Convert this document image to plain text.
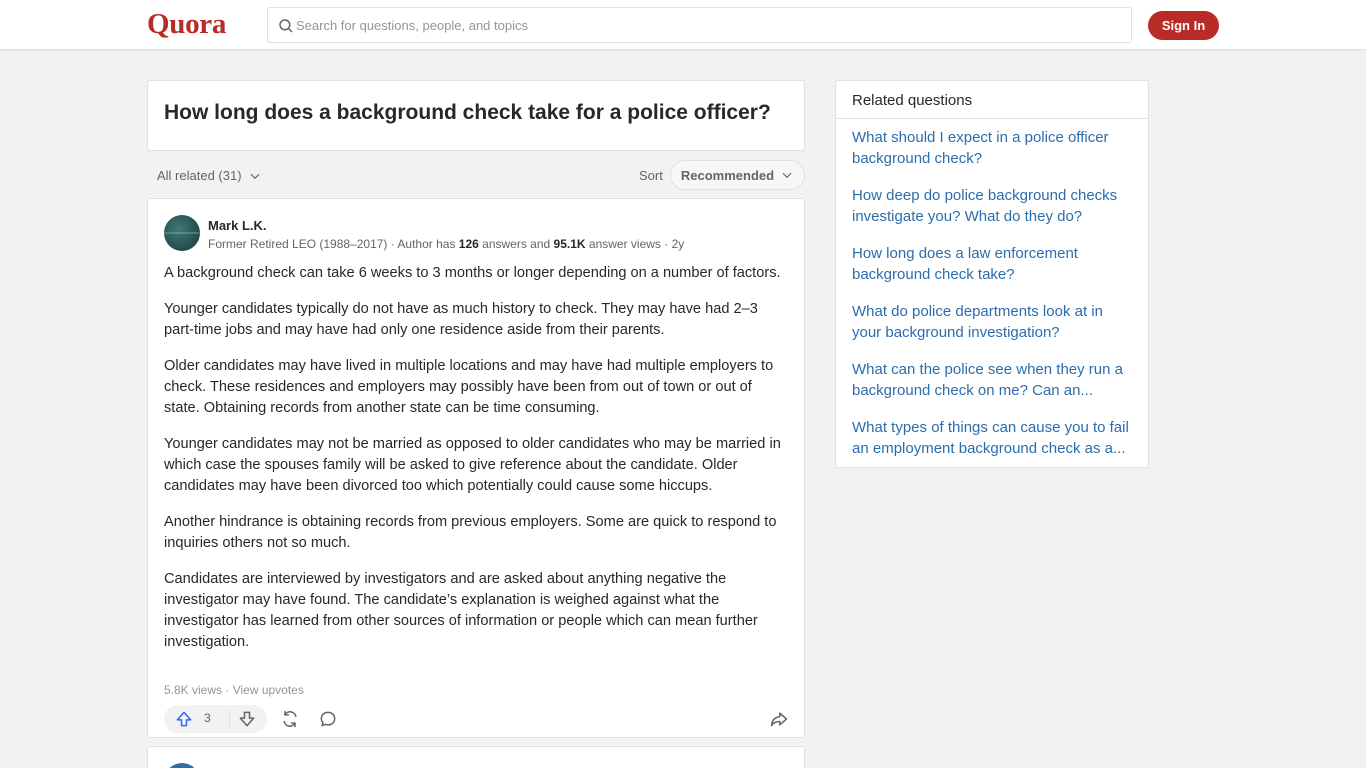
Quora
Search for questions, people, and topics	Sign In
How long does a background check take for a police officer?
All related (31)	Sort Recommended
Mark L.K.
Former Retired LEO (1988–2017) · Author has 126 answers and 95.1K answer views · 2y

A background check can take 6 weeks to 3 months or longer depending on a number of factors.

Younger candidates typically do not have as much history to check. They may have had 2–3 part-time jobs and may have had only one residence aside from their parents.

Older candidates may have lived in multiple locations and may have had multiple employers to check. These residences and employers may possibly have been from out of town or out of state. Obtaining records from another state can be time consuming.

Younger candidates may not be married as opposed to older candidates who may be married in which case the spouses family will be asked to give reference about the candidate. Older candidates may have been divorced too which potentially could cause some hiccups.

Another hindrance is obtaining records from previous employers. Some are quick to respond to inquiries others not so much.

Candidates are interviewed by investigators and are asked about anything negative the investigator may have found. The candidate’s explanation is weighed against what the investigator has learned from other sources of information or people which can mean further investigation.

5.8K views · View upvotes
3
Related questions
What should I expect in a police officer background check?
How deep do police background checks investigate you? What do they do?
How long does a law enforcement background check take?
What do police departments look at in your background investigation?
What can the police see when they run a background check on me? Can an...
What types of things can cause you to fail an employment background check as a...
